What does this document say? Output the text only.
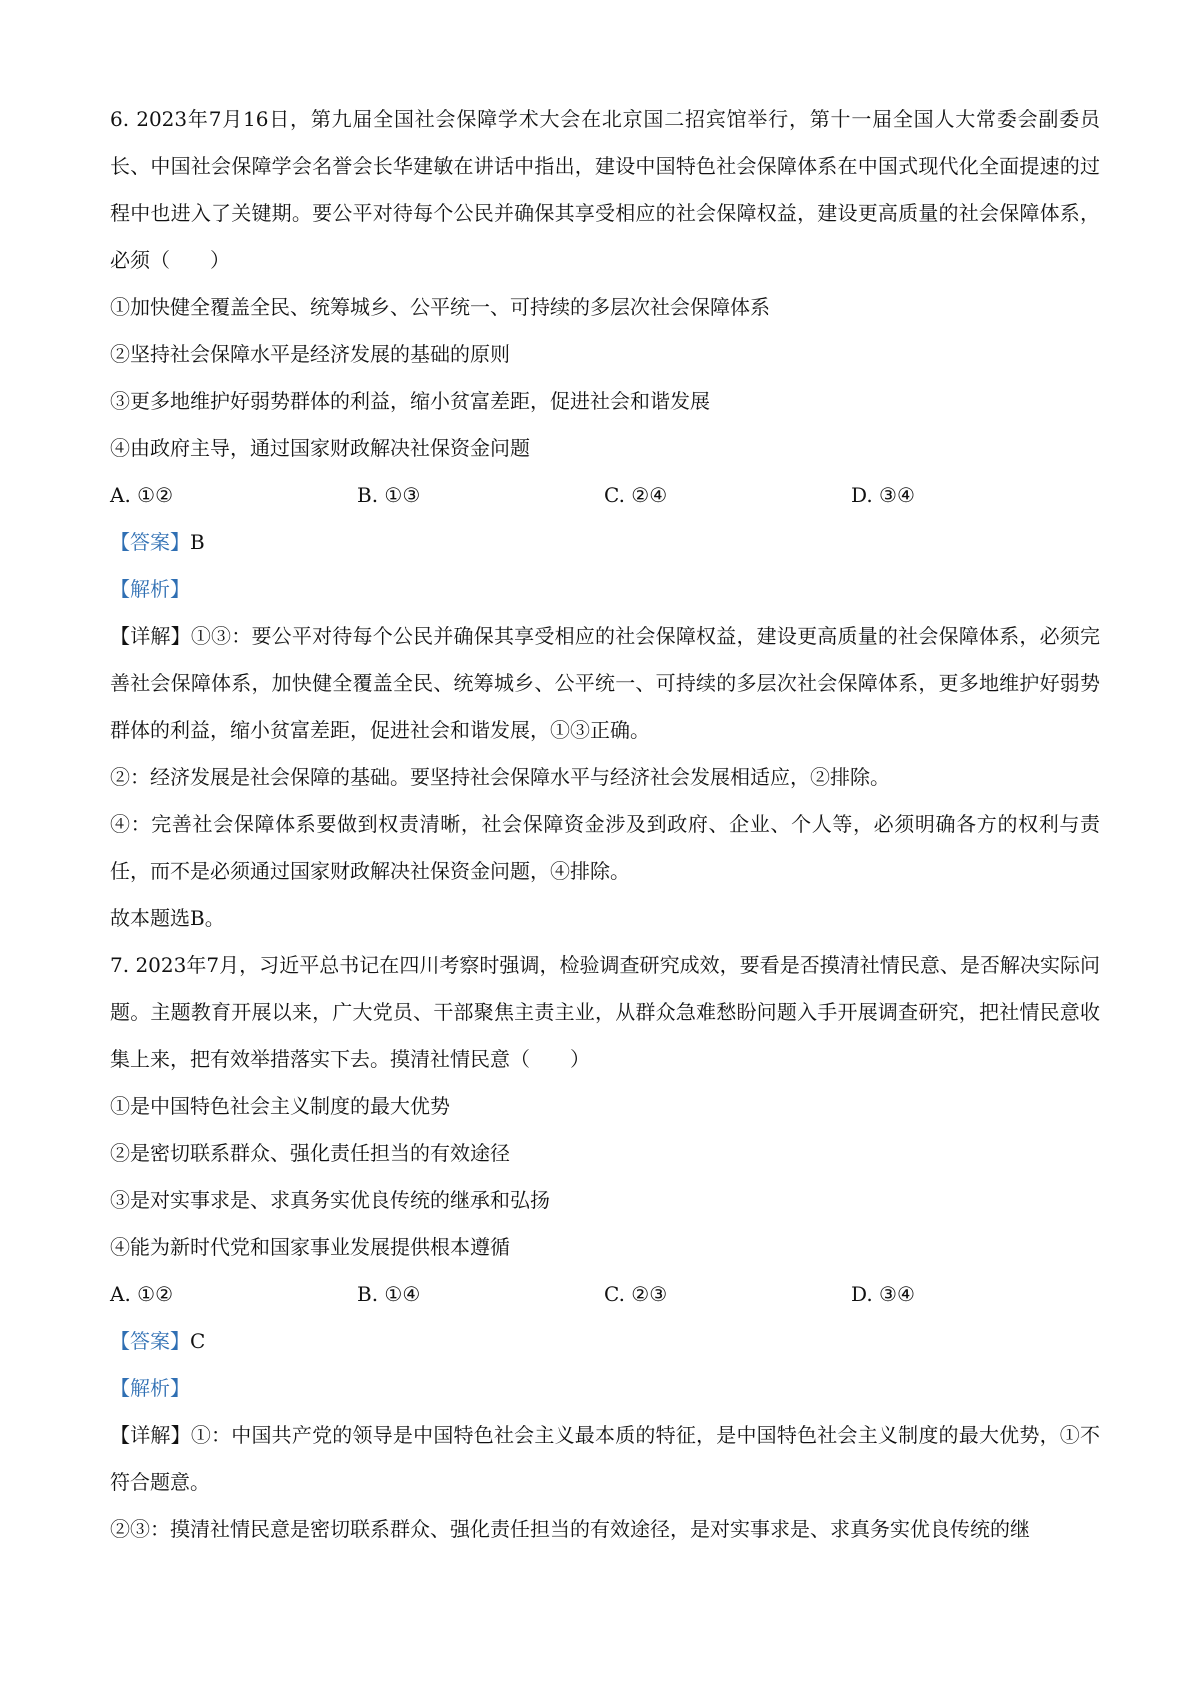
6. 2023年7月16日，第九届全国社会保障学术大会在北京国二招宾馆举行，第十一届全国人大常委会副委员长、中国社会保障学会名誉会长华建敏在讲话中指出，建设中国特色社会保障体系在中国式现代化全面提速的过程中也进入了关键期。要公平对待每个公民并确保其享受相应的社会保障权益，建设更高质量的社会保障体系，必须（　　）

①加快健全覆盖全民、统筹城乡、公平统一、可持续的多层次社会保障体系
②坚持社会保障水平是经济发展的基础的原则
③更多地维护好弱势群体的利益，缩小贫富差距，促进社会和谐发展
④由政府主导，通过国家财政解决社保资金问题
A. ①②	B. ①③	C. ②④	D. ③④
【答案】B
【解析】

【详解】①③：要公平对待每个公民并确保其享受相应的社会保障权益，建设更高质量的社会保障体系，必须完善社会保障体系，加快健全覆盖全民、统筹城乡、公平统一、可持续的多层次社会保障体系，更多地维护好弱势群体的利益，缩小贫富差距，促进社会和谐发展，①③正确。

②：经济发展是社会保障的基础。要坚持社会保障水平与经济社会发展相适应，②排除。

④：完善社会保障体系要做到权责清晰，社会保障资金涉及到政府、企业、个人等，必须明确各方的权利与责任，而不是必须通过国家财政解决社保资金问题，④排除。

故本题选B。

7. 2023年7月，习近平总书记在四川考察时强调，检验调查研究成效，要看是否摸清社情民意、是否解决实际问题。主题教育开展以来，广大党员、干部聚焦主责主业，从群众急难愁盼问题入手开展调查研究，把社情民意收集上来，把有效举措落实下去。摸清社情民意（　　）

①是中国特色社会主义制度的最大优势
②是密切联系群众、强化责任担当的有效途径
③是对实事求是、求真务实优良传统的继承和弘扬
④能为新时代党和国家事业发展提供根本遵循
A. ①②	B. ①④	C. ②③	D. ③④
【答案】C
【解析】

【详解】①：中国共产党的领导是中国特色社会主义最本质的特征，是中国特色社会主义制度的最大优势，①不符合题意。

②③：摸清社情民意是密切联系群众、强化责任担当的有效途径，是对实事求是、求真务实优良传统的继
